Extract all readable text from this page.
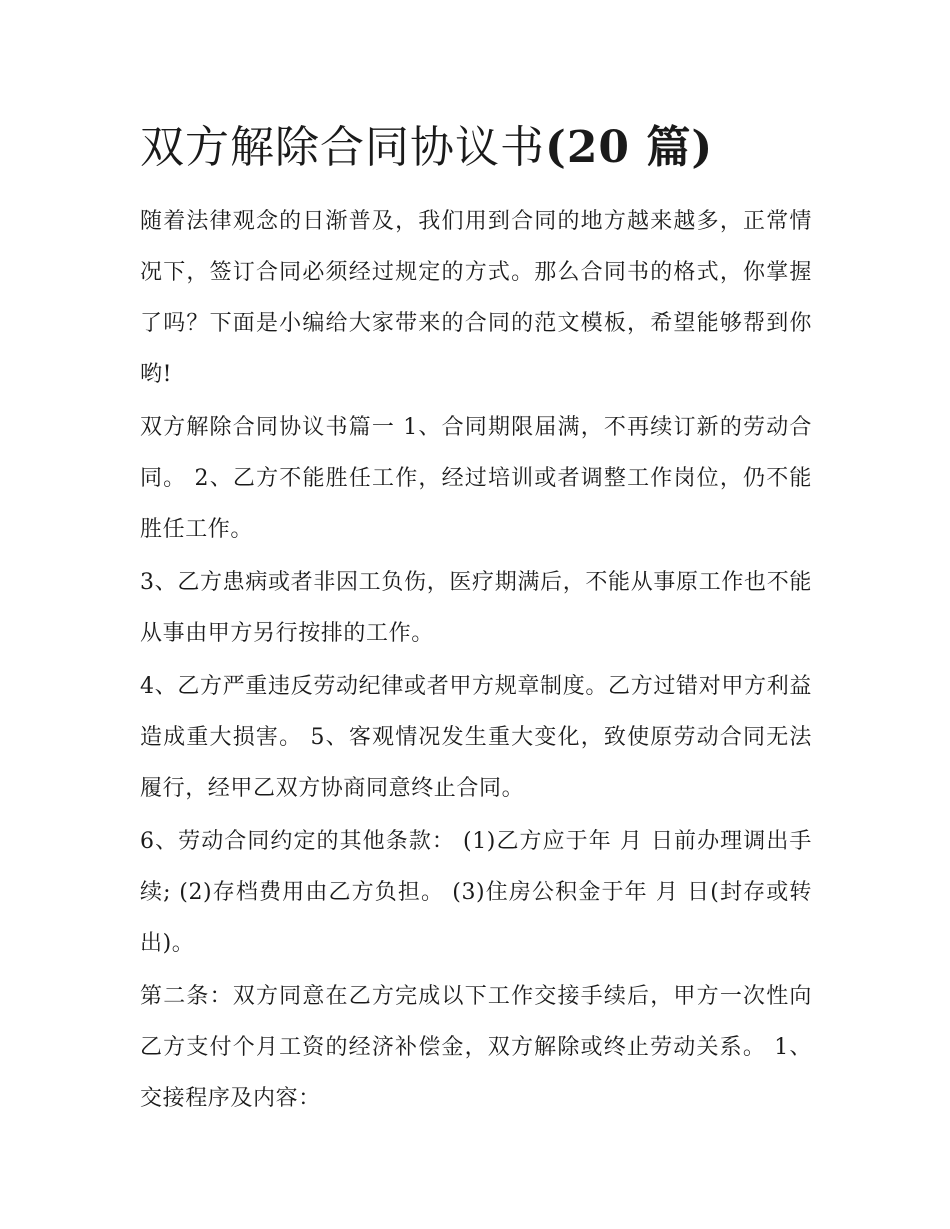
双方解除合同协议书(20 篇)

随着法律观念的日渐普及，我们用到合同的地方越来越多，正常情况下，签订合同必须经过规定的方式。那么合同书的格式，你掌握了吗？下面是小编给大家带来的合同的范文模板，希望能够帮到你哟!

双方解除合同协议书篇一 1、合同期限届满，不再续订新的劳动合同。 2、乙方不能胜任工作，经过培训或者调整工作岗位，仍不能胜任工作。

3、乙方患病或者非因工负伤，医疗期满后，不能从事原工作也不能从事由甲方另行按排的工作。

4、乙方严重违反劳动纪律或者甲方规章制度。乙方过错对甲方利益造成重大损害。 5、客观情况发生重大变化，致使原劳动合同无法履行，经甲乙双方协商同意终止合同。

6、劳动合同约定的其他条款： (1)乙方应于年 月 日前办理调出手续; (2)存档费用由乙方负担。 (3)住房公积金于年 月 日(封存或转出)。

第二条：双方同意在乙方完成以下工作交接手续后，甲方一次性向乙方支付个月工资的经济补偿金，双方解除或终止劳动关系。 1、交接程序及内容：
